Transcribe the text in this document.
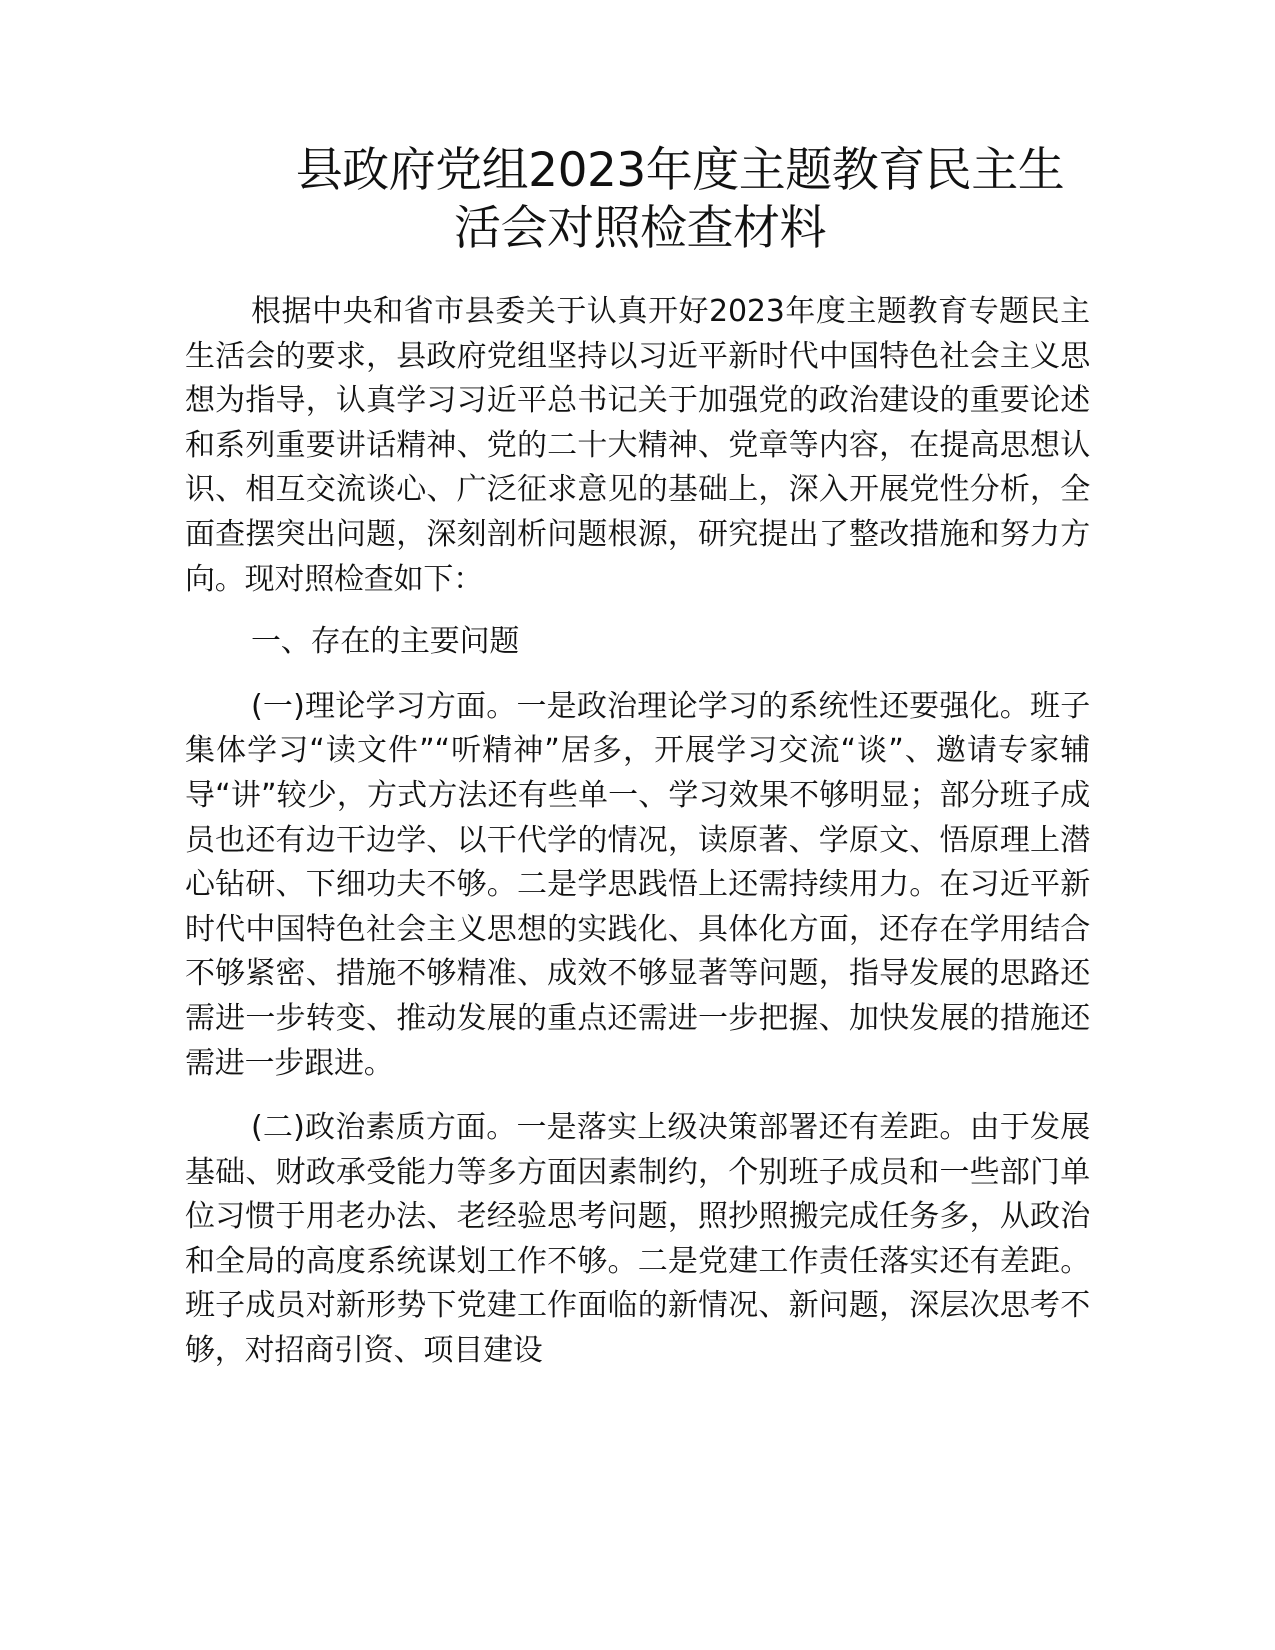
县政府党组2023年度主题教育民主生
活会对照检查材料

根据中央和省市县委关于认真开好2023年度主题教育专题民主生活会的要求，县政府党组坚持以习近平新时代中国特色社会主义思想为指导，认真学习习近平总书记关于加强党的政治建设的重要论述和系列重要讲话精神、党的二十大精神、党章等内容，在提高思想认识、相互交流谈心、广泛征求意见的基础上，深入开展党性分析，全面查摆突出问题，深刻剖析问题根源，研究提出了整改措施和努力方向。现对照检查如下：

一、存在的主要问题

(一)理论学习方面。一是政治理论学习的系统性还要强化。班子集体学习“读文件”“听精神”居多，开展学习交流“谈”、邀请专家辅导“讲”较少，方式方法还有些单一、学习效果不够明显；部分班子成员也还有边干边学、以干代学的情况，读原著、学原文、悟原理上潜心钻研、下细功夫不够。二是学思践悟上还需持续用力。在习近平新时代中国特色社会主义思想的实践化、具体化方面，还存在学用结合不够紧密、措施不够精准、成效不够显著等问题，指导发展的思路还需进一步转变、推动发展的重点还需进一步把握、加快发展的措施还需进一步跟进。

(二)政治素质方面。一是落实上级决策部署还有差距。由于发展基础、财政承受能力等多方面因素制约，个别班子成员和一些部门单位习惯于用老办法、老经验思考问题，照抄照搬完成任务多，从政治和全局的高度系统谋划工作不够。二是党建工作责任落实还有差距。班子成员对新形势下党建工作面临的新情况、新问题，深层次思考不够，对招商引资、项目建设
